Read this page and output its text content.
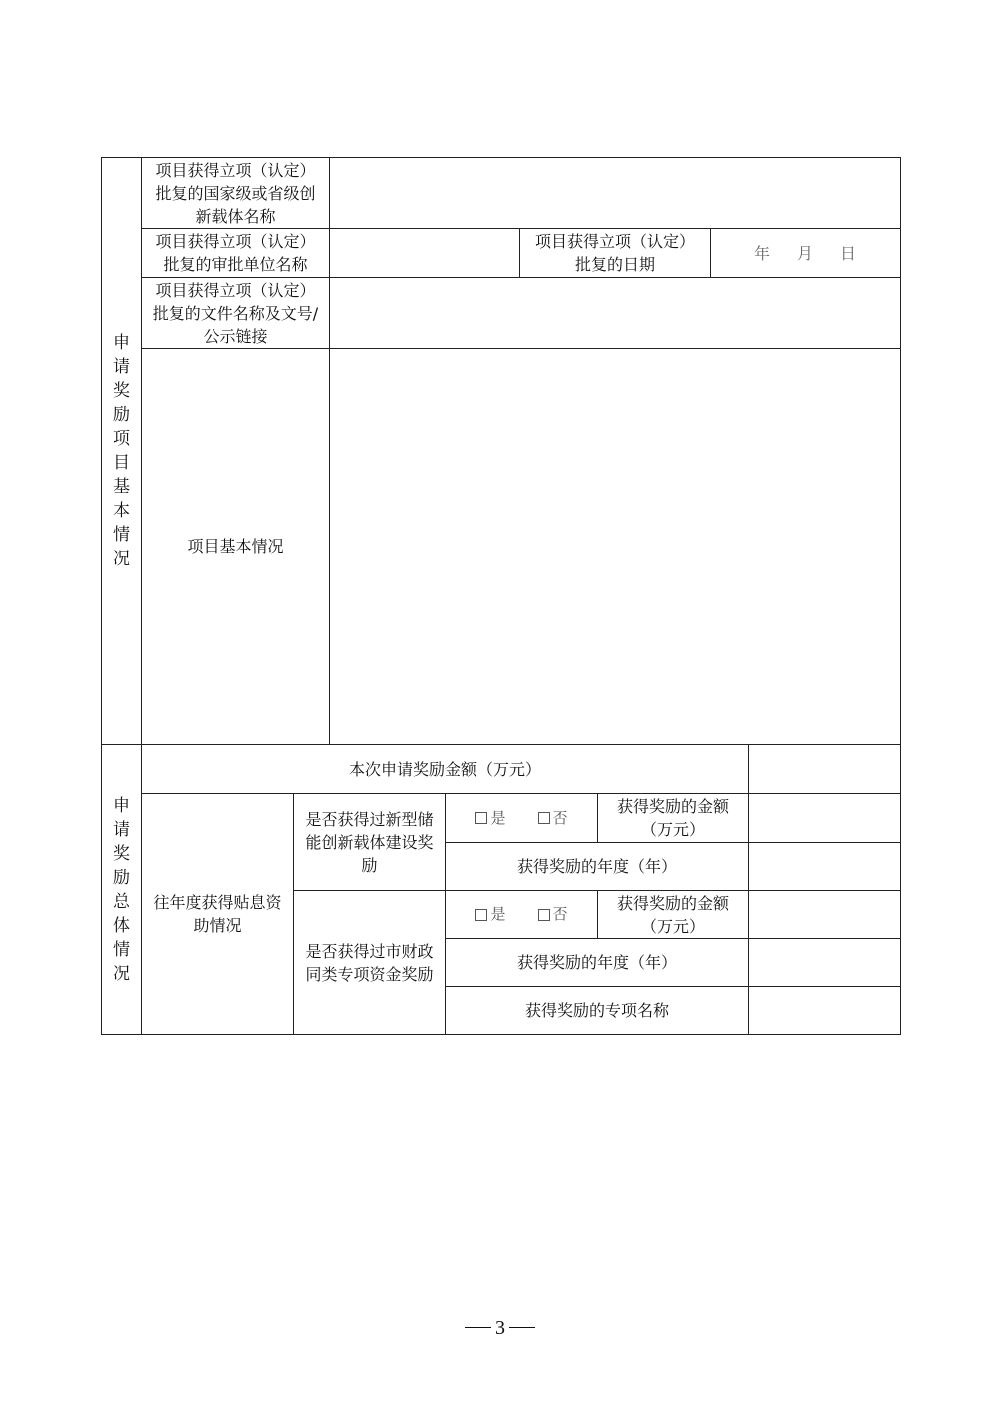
申
请
奖
励
项
目
基
本
情
况
项目获得立项（认定）批复的国家级或省级创新载体名称
项目获得立项（认定）批复的审批单位名称
项目获得立项（认定）批复的日期
年 月 日
项目获得立项（认定）批复的文件名称及文号/公示链接
项目基本情况
申
请
奖
励
总
体
情
况
本次申请奖励金额（万元）
往年度获得贴息资助情况
是否获得过新型储能创新载体建设奖励
是	否
获得奖励的金额（万元）
获得奖励的年度（年）
是否获得过市财政同类专项资金奖励
是	否
获得奖励的金额（万元）
获得奖励的年度（年）
获得奖励的专项名称
3
